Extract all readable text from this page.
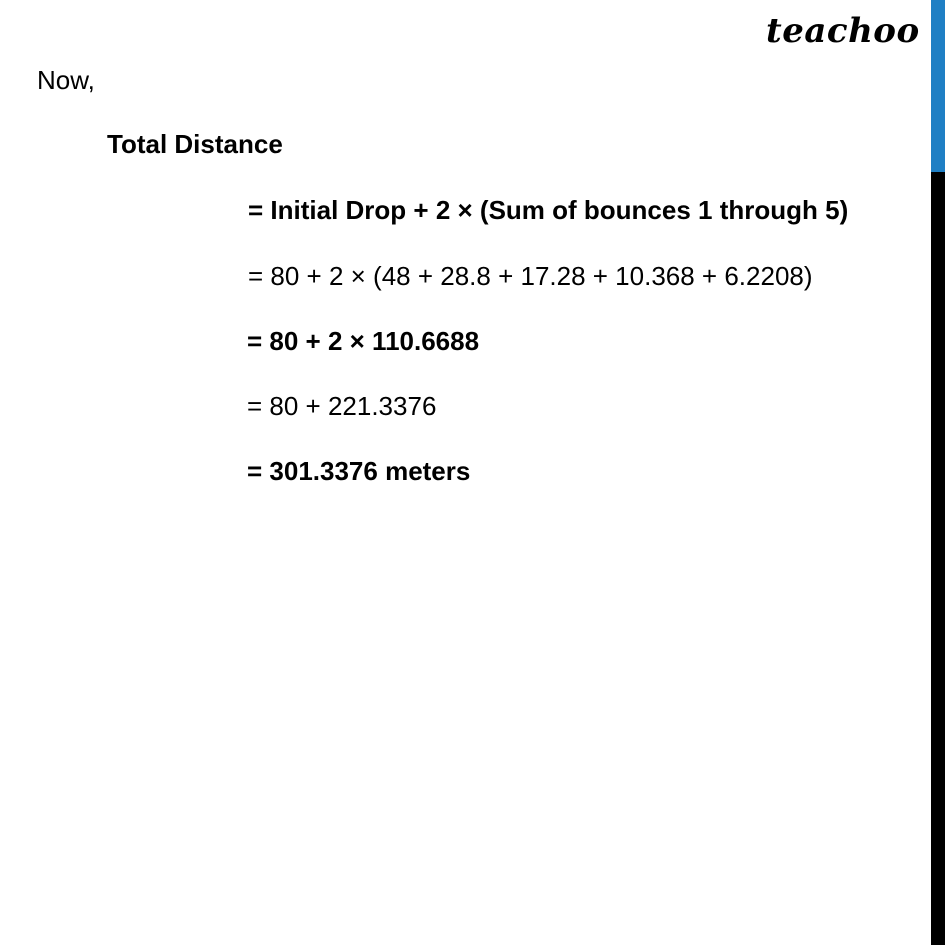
teachoo
Now,
Total Distance
= Initial Drop + 2 × (Sum of bounces 1 through 5)
= 80 + 2 × (48 + 28.8 + 17.28 + 10.368 + 6.2208)
= 80 + 2 × 110.6688
= 80 + 221.3376
= 301.3376 meters
